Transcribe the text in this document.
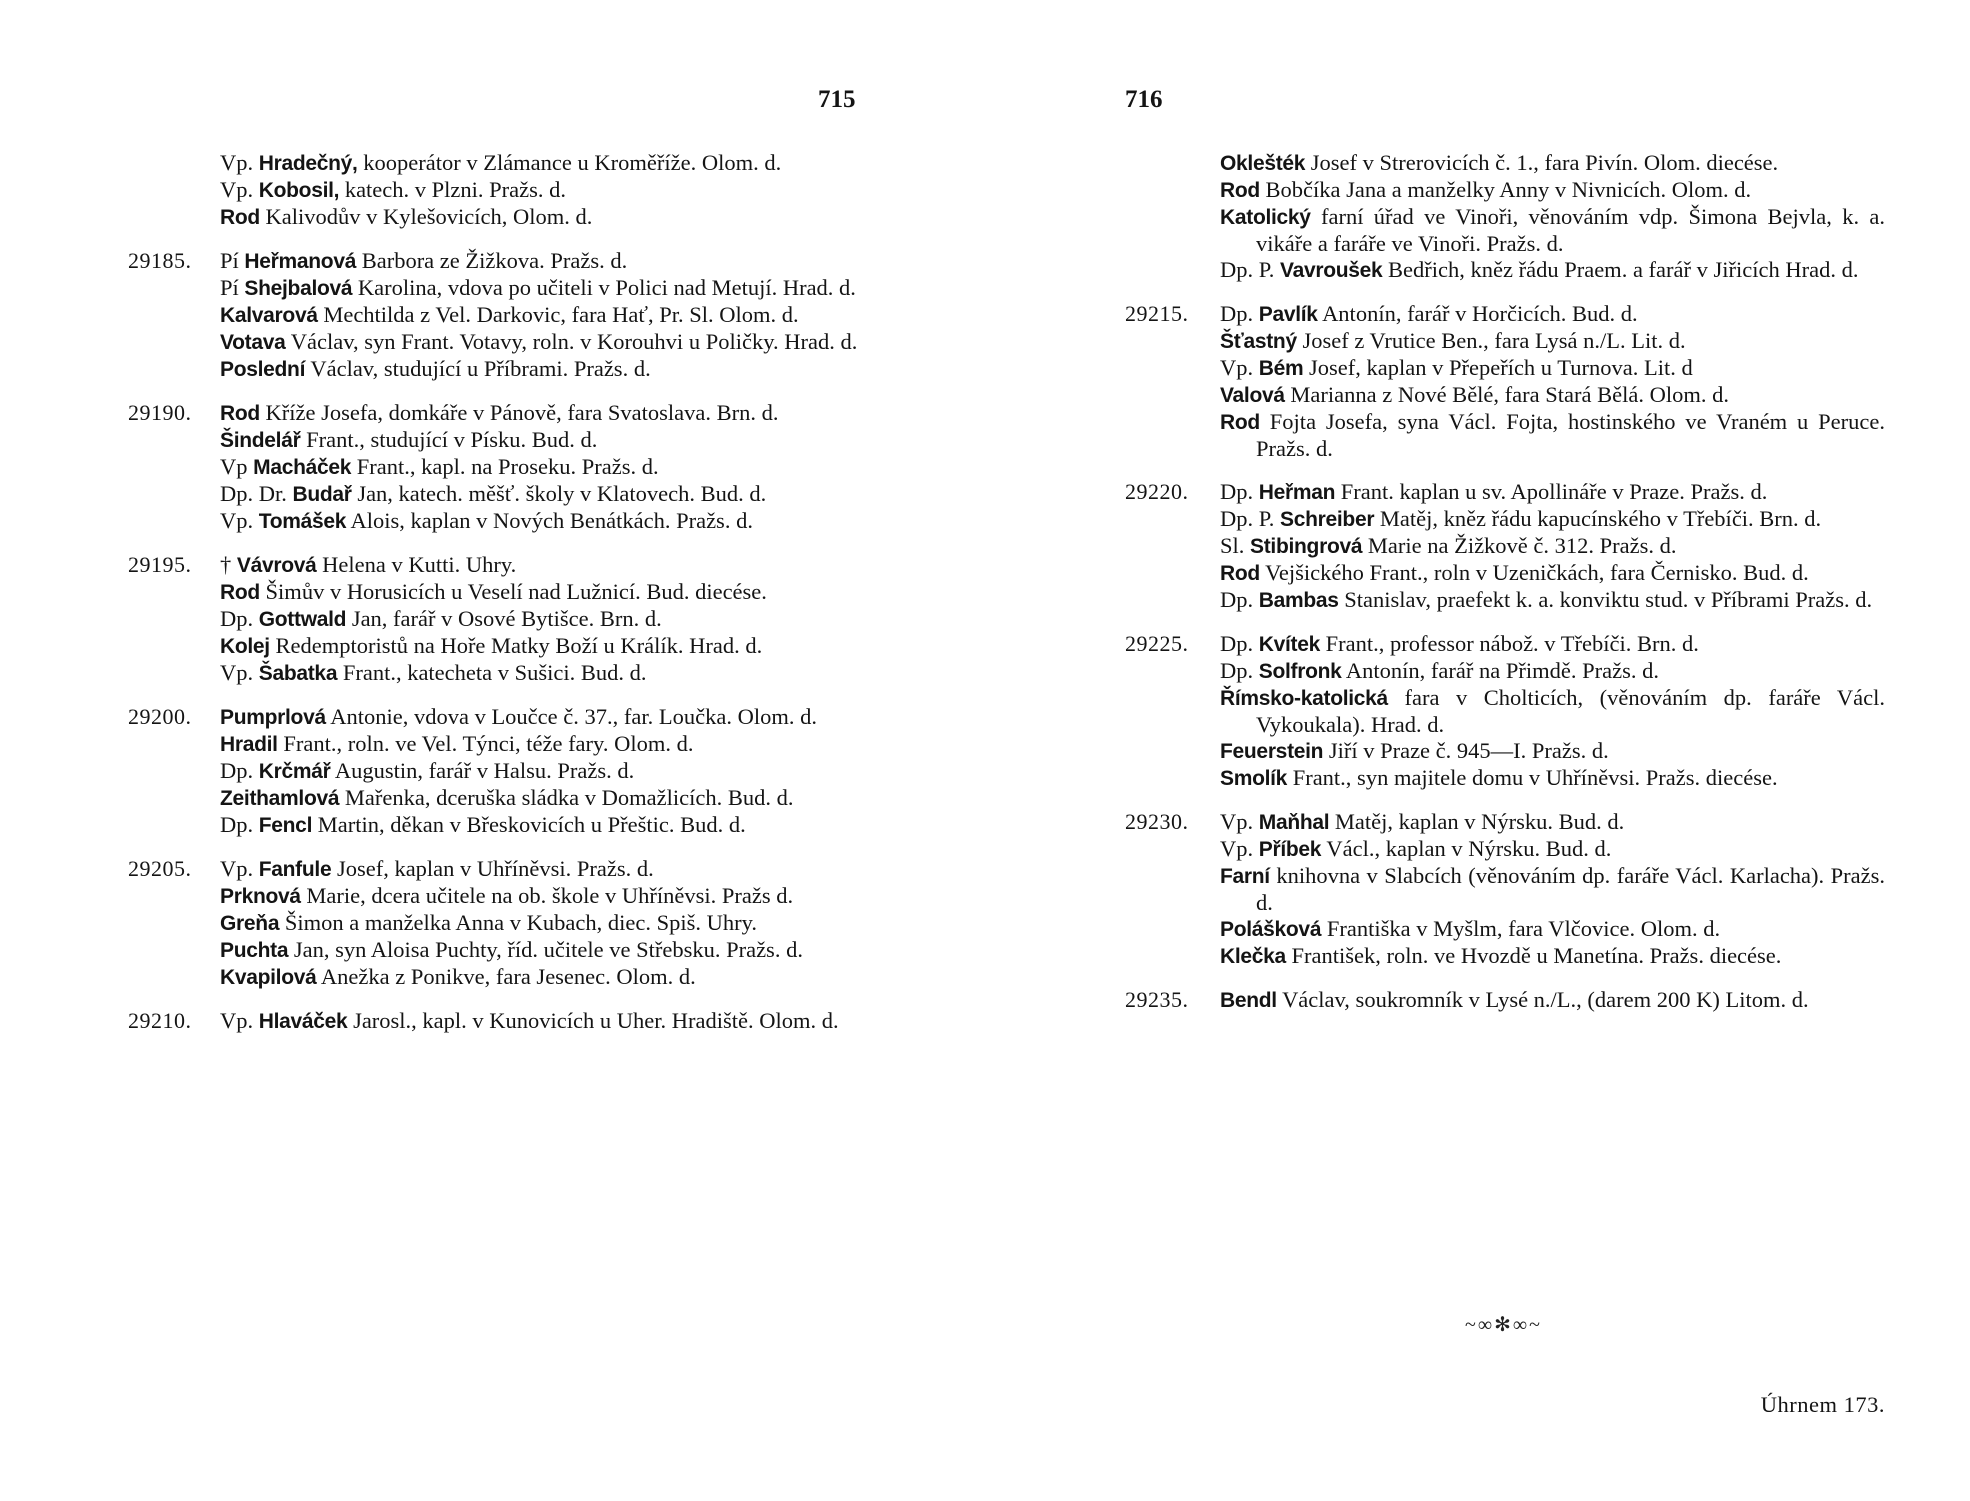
715
Vp. Hradečný, kooperátor v Zlámance u Kroměříže. Olom. d.
Vp. Kobosil, katech. v Plzni. Pražs. d.
Rod Kalivodův v Kylešovicích, Olom. d.
29185. Pí Heřmanová Barbora ze Žižkova. Pražs. d.
Pí Shejbalová Karolina, vdova po učiteli v Polici nad Metují. Hrad. d.
Kalvarová Mechtilda z Vel. Darkovic, fara Hať, Pr. Sl. Olom. d.
Votava Václav, syn Frant. Votavy, roln. v Korouhvi u Poličky. Hrad. d.
Poslední Václav, studující u Příbrami. Pražs. d.
29190. Rod Kříže Josefa, domkáře v Pánově, fara Svatoslava. Brn. d.
Šindelář Frant., studující v Písku. Bud. d.
Vp Macháček Frant., kapl. na Proseku. Pražs. d.
Dp. Dr. Budař Jan, katech. měšť. školy v Klatovech. Bud. d.
Vp. Tomášek Alois, kaplan v Nových Benátkách. Pražs. d.
29195. † Vávrová Helena v Kutti. Uhry.
Rod Šimův v Horusicích u Veselí nad Lužnicí. Bud. diecése.
Dp. Gottwald Jan, farář v Osové Bytišce. Brn. d.
Kolej Redemptoristů na Hoře Matky Boží u Králík. Hrad. d.
Vp. Šabatka Frant., katecheta v Sušici. Bud. d.
29200. Pumprlová Antonie, vdova v Loučce č. 37., far. Loučka. Olom. d.
Hradil Frant., roln. ve Vel. Týnci, téže fary. Olom. d.
Dp. Krčmář Augustin, farář v Halsu. Pražs. d.
Zeithamlová Mařenka, dceruška sládka v Domažlicích. Bud. d.
Dp. Fencl Martin, děkan v Břeskovicích u Přeštic. Bud. d.
29205. Vp. Fanfule Josef, kaplan v Uhříněvsi. Pražs. d.
Prknová Marie, dcera učitele na ob. škole v Uhříněvsi. Pražs d.
Greňa Šimon a manželka Anna v Kubach, diec. Spiš. Uhry.
Puchta Jan, syn Aloisa Puchty, říd. učitele ve Střebsku. Pražs. d.
Kvapilová Anežka z Ponikve, fara Jesenec. Olom. d.
29210. Vp. Hlaváček Jarosl., kapl. v Kunovicích u Uher. Hradiště. Olom. d.
716
Oklešték Josef v Strerovicích č. 1., fara Pivín. Olom. diecése.
Rod Bobčíka Jana a manželky Anny v Nivnicích. Olom. d.
Katolický farní úřad ve Vinoři, věnováním vdp. Šimona Bejvla, k. a. vikáře a faráře ve Vinoři. Pražs. d.
Dp. P. Vavroušek Bedřich, kněz řádu Praem. a farář v Jiřicích Hrad. d.
29215. Dp. Pavlík Antonín, farář v Horčicích. Bud. d.
Šťastný Josef z Vrutice Ben., fara Lysá n./L. Lit. d.
Vp. Bém Josef, kaplan v Přepeřích u Turnova. Lit. d
Valová Marianna z Nové Bělé, fara Stará Bělá. Olom. d.
Rod Fojta Josefa, syna Václ. Fojta, hostinského ve Vraném u Peruce. Pražs. d.
29220. Dp. Heřman Frant. kaplan u sv. Apollináře v Praze. Pražs. d.
Dp. P. Schreiber Matěj, kněz řádu kapucínského v Třebíči. Brn. d.
Sl. Stibingrová Marie na Žižkově č. 312. Pražs. d.
Rod Vejšického Frant., roln v Uzeničkách, fara Černisko. Bud. d.
Dp. Bambas Stanislav, praefekt k. a. konviktu stud. v Příbrami Pražs. d.
29225. Dp. Kvítek Frant., professor nábož. v Třebíči. Brn. d.
Dp. Solfronk Antonín, farář na Přimdě. Pražs. d.
Římsko-katolická fara v Cholticích, (věnováním dp. faráře Václ. Vykoukala). Hrad. d.
Feuerstein Jiří v Praze č. 945—I. Pražs. d.
Smolík Frant., syn majitele domu v Uhříněvsi. Pražs. diecése.
29230. Vp. Maňhal Matěj, kaplan v Nýrsku. Bud. d.
Vp. Příbek Václ., kaplan v Nýrsku. Bud. d.
Farní knihovna v Slabcích (věnováním dp. faráře Václ. Karlacha). Pražs. d.
Polášková Františka v Myšlm, fara Vlčovice. Olom. d.
Klečka František, roln. ve Hvozdě u Manetína. Pražs. diecése.
29235. Bendl Václav, soukromník v Lysé n./L., (darem 200 K) Litom. d.
Úhrnem 173.
~∞✻∞~
